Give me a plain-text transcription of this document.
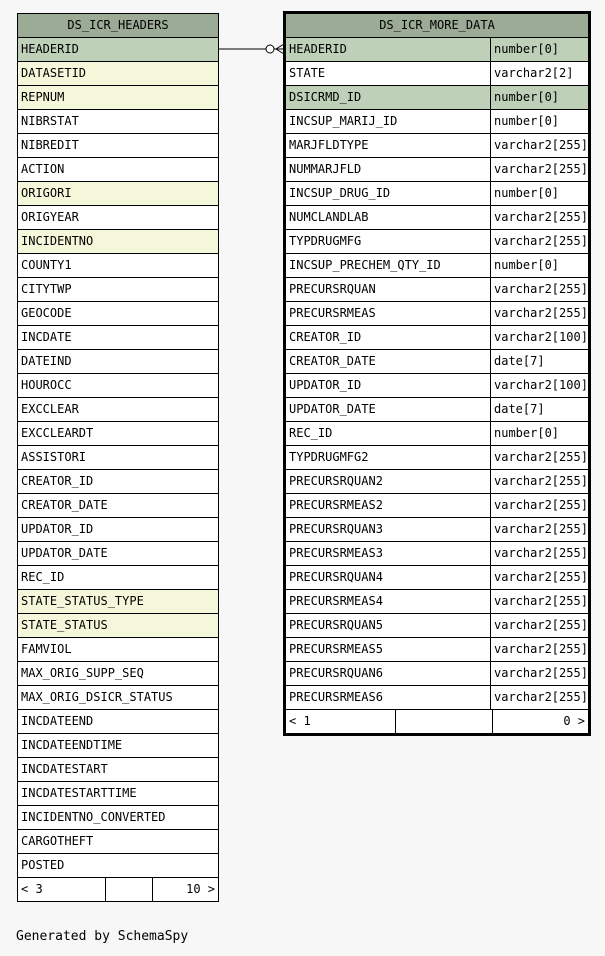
DS_ICR_HEADERS
HEADERID
DATASETID
REPNUM
NIBRSTAT
NIBREDIT
ACTION
ORIGORI
ORIGYEAR
INCIDENTNO
COUNTY1
CITYTWP
GEOCODE
INCDATE
DATEIND
HOUROCC
EXCCLEAR
EXCCLEARDT
ASSISTORI
CREATOR_ID
CREATOR_DATE
UPDATOR_ID
UPDATOR_DATE
REC_ID
STATE_STATUS_TYPE
STATE_STATUS
FAMVIOL
MAX_ORIG_SUPP_SEQ
MAX_ORIG_DSICR_STATUS
INCDATEEND
INCDATEENDTIME
INCDATESTART
INCDATESTARTTIME
INCIDENTNO_CONVERTED
CARGOTHEFT
POSTED
< 3	10 >
DS_ICR_MORE_DATA
HEADERID	number[0]
STATE	varchar2[2]
DSICRMD_ID	number[0]
INCSUP_MARIJ_ID	number[0]
MARJFLDTYPE	varchar2[255]
NUMMARJFLD	varchar2[255]
INCSUP_DRUG_ID	number[0]
NUMCLANDLAB	varchar2[255]
TYPDRUGMFG	varchar2[255]
INCSUP_PRECHEM_QTY_ID	number[0]
PRECURSRQUAN	varchar2[255]
PRECURSRMEAS	varchar2[255]
CREATOR_ID	varchar2[100]
CREATOR_DATE	date[7]
UPDATOR_ID	varchar2[100]
UPDATOR_DATE	date[7]
REC_ID	number[0]
TYPDRUGMFG2	varchar2[255]
PRECURSRQUAN2	varchar2[255]
PRECURSRMEAS2	varchar2[255]
PRECURSRQUAN3	varchar2[255]
PRECURSRMEAS3	varchar2[255]
PRECURSRQUAN4	varchar2[255]
PRECURSRMEAS4	varchar2[255]
PRECURSRQUAN5	varchar2[255]
PRECURSRMEAS5	varchar2[255]
PRECURSRQUAN6	varchar2[255]
PRECURSRMEAS6	varchar2[255]
< 1	0 >
Generated by SchemaSpy
